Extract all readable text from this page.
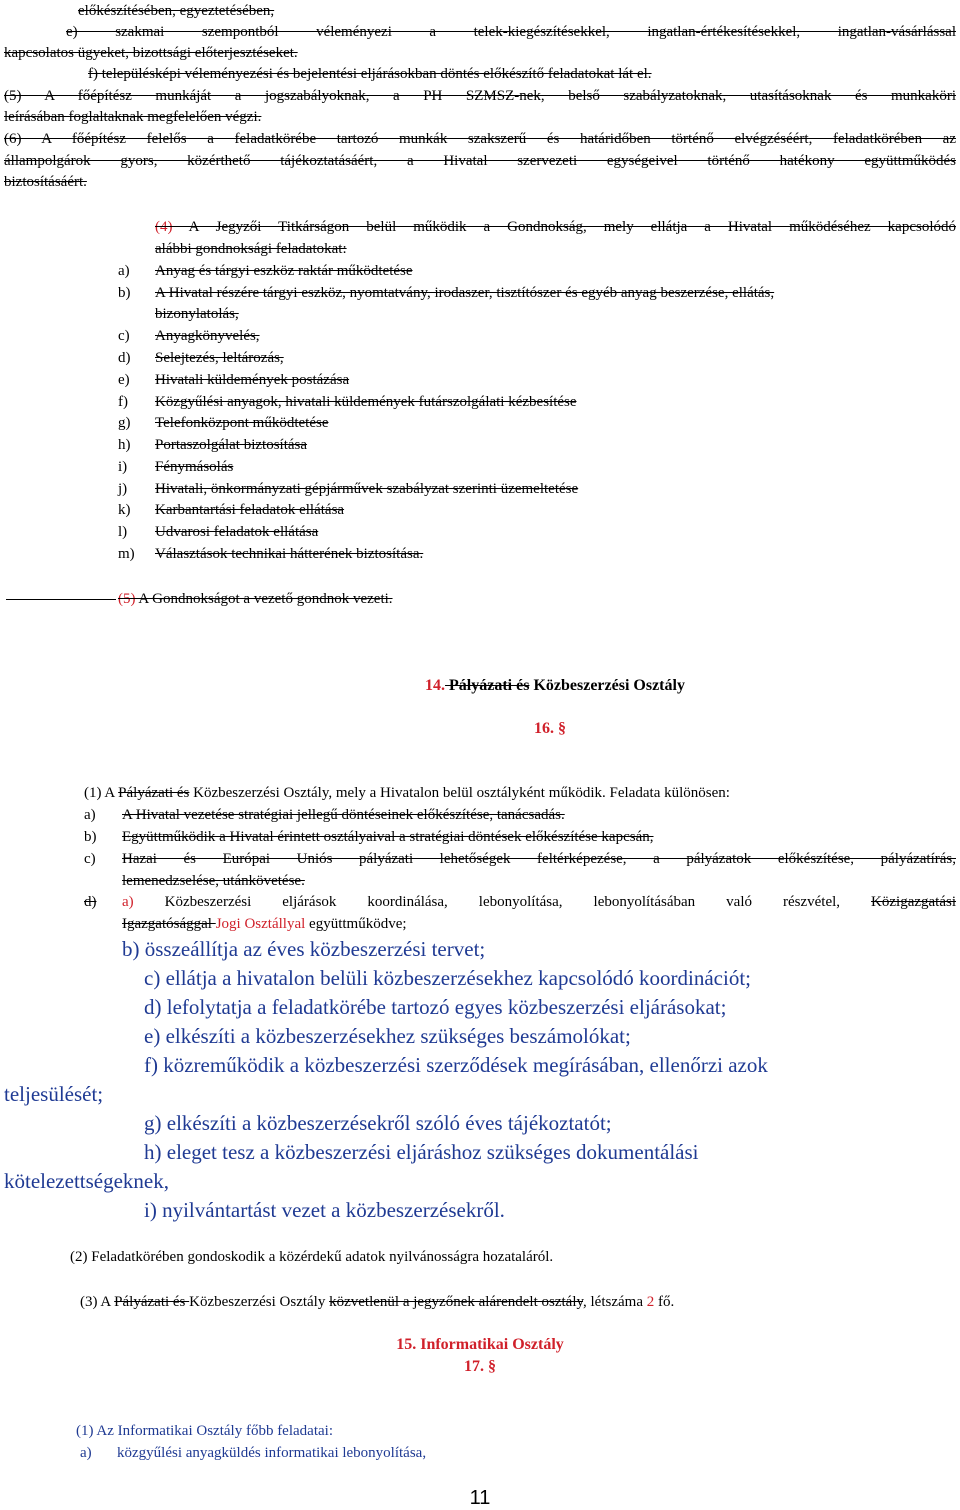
előkészítésében, egyeztetésében,
e) szakmai szempontból véleményezi a telek-kiegészítésekkel, ingatlan-értékesítésekkel, ingatlan-vásárlással
kapcsolatos ügyeket, bizottsági előterjesztéseket.
f) településképi véleményezési és bejelentési eljárásokban döntés előkészítő feladatokat lát el.
(5) A főépítész munkáját a jogszabályoknak, a PH SZMSZ-nek, belső szabályzatoknak, utasításoknak és munkaköri
leírásában foglaltaknak megfelelően végzi.
(6) A főépítész felelős a feladatkörébe tartozó munkák szakszerű és határidőben történő elvégzéséért, feladatkörében az
állampolgárok gyors, közérthető tájékoztatásáért, a Hivatal szervezeti egységeivel történő hatékony együttműködés
biztosításáért.
(4) A Jegyzői Titkárságon belül működik a Gondnokság, mely ellátja a Hivatal működéséhez kapcsolódó
alábbi gondnoksági feladatokat:
a) Anyag és tárgyi eszköz raktár működtetése
b) A Hivatal részére tárgyi eszköz, nyomtatvány, irodaszer, tisztítószer és egyéb anyag beszerzése, ellátás,
bizonylatolás,
c) Anyagkönyvelés,
d) Selejtezés, leltározás,
e) Hivatali küldemények postázása
f) Közgyűlési anyagok, hivatali küldemények futárszolgálati kézbesítése
g) Telefonközpont működtetése
h) Portaszolgálat biztosítása
i) Fénymásolás
j) Hivatali, önkormányzati gépjárművek szabályzat szerinti üzemeltetése
k) Karbantartási feladatok ellátása
l) Udvarosi feladatok ellátása
m) Választások technikai hátterének biztosítása.
(5) A Gondnokságot a vezető gondnok vezeti.
14. Pályázati és Közbeszerzési Osztály
16. §
(1) A Pályázati és Közbeszerzési Osztály, mely a Hivatalon belül osztályként működik. Feladata különösen:
a) A Hivatal vezetése stratégiai jellegű döntéseinek előkészítése, tanácsadás.
b) Együttműködik a Hivatal érintett osztályaival a stratégiai döntések előkészítése kapcsán,
c) Hazai és Európai Uniós pályázati lehetőségek feltérképezése, a pályázatok előkészítése, pályázatírás,
lemenedzselése, utánkövetése.
d) a) Közbeszerzési eljárások koordinálása, lebonyolítása, lebonyolításában való részvétel, Közigazgatási
Igazgatósággal Jogi Osztállyal együttműködve;
b) összeállítja az éves közbeszerzési tervet;
c) ellátja a hivatalon belüli közbeszerzésekhez kapcsolódó koordinációt;
d) lefolytatja a feladatkörébe tartozó egyes közbeszerzési eljárásokat;
e) elkészíti a közbeszerzésekhez szükséges beszámolókat;
f) közreműködik a közbeszerzési szerződések megírásában, ellenőrzi azok
teljesülését;
g) elkészíti a közbeszerzésekről szóló éves tájékoztatót;
h) eleget tesz a közbeszerzési eljáráshoz szükséges dokumentálási
kötelezettségeknek,
i) nyilvántartást vezet a közbeszerzésekről.
(2) Feladatkörében gondoskodik a közérdekű adatok nyilvánosságra hozataláról.
(3) A Pályázati és Közbeszerzési Osztály közvetlenül a jegyzőnek alárendelt osztály, létszáma 2 fő.
15. Informatikai Osztály
17. §
(1) Az Informatikai Osztály főbb feladatai:
a) közgyűlési anyagküldés informatikai lebonyolítása,
11
